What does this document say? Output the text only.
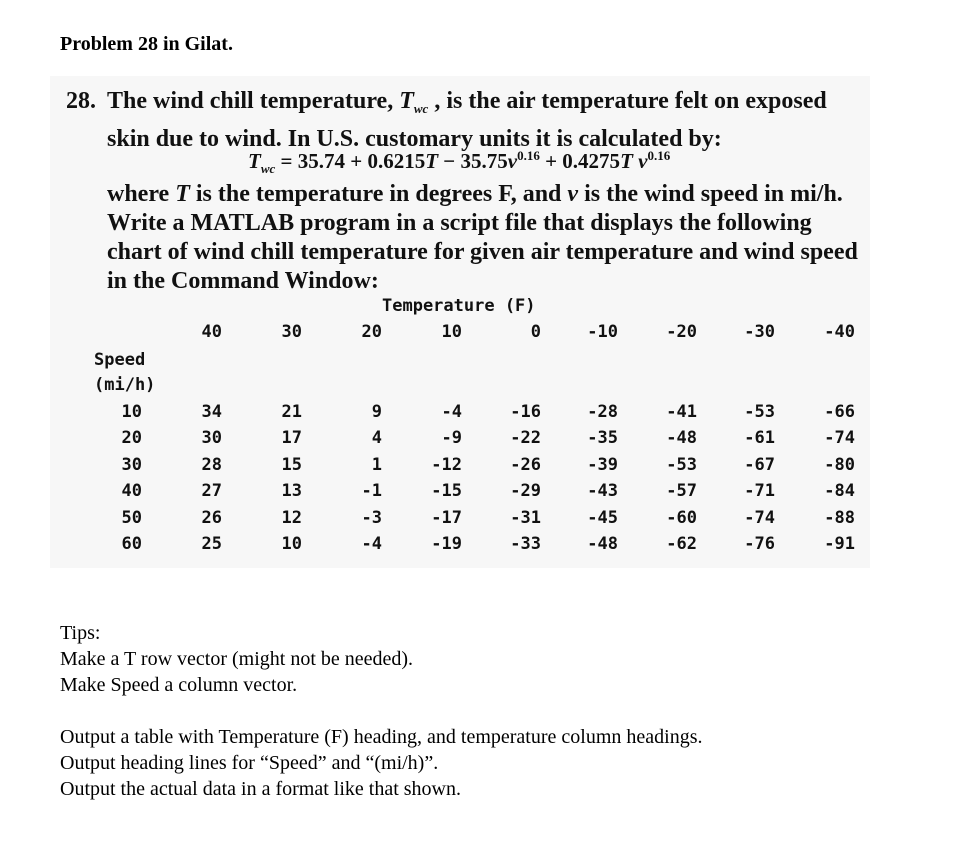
Problem 28 in Gilat.
28. The wind chill temperature, $T_{wc}$ , is the air temperature felt on exposed skin due to wind. In U.S. customary units it is calculated by:
$T_{wc} = 35.74 + 0.6215T - 35.75v^{0.16} + 0.4275T$ $v^{0.16}$
where T is the temperature in degrees F, and v is the wind speed in mi/h. Write a MATLAB program in a script file that displays the following chart of wind chill temperature for given air temperature and wind speed in the Command Window:
Temperature (F)
Speed
(mi/h)
40	30	20	10	0	-10	-20	-30	-40
10	34	21	9	-4	-16	-28	-41	-53	-66
20	30	17	4	-9	-22	-35	-48	-61	-74
30	28	15	1	-12	-26	-39	-53	-67	-80
40	27	13	-1	-15	-29	-43	-57	-71	-84
50	26	12	-3	-17	-31	-45	-60	-74	-88
60	25	10	-4	-19	-33	-48	-62	-76	-91
Tips:
Make a T row vector (might not be needed).
Make Speed a column vector.
Output a table with Temperature (F) heading, and temperature column headings.
Output heading lines for “Speed” and “(mi/h)”.
Output the actual data in a format like that shown.
